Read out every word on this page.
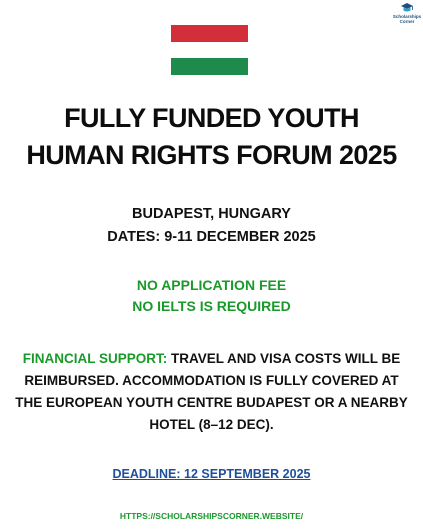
Scholarships
Corner
FULLY FUNDED YOUTH
HUMAN RIGHTS FORUM 2025
BUDAPEST, HUNGARY
DATES: 9-11 DECEMBER 2025
NO APPLICATION FEE
NO IELTS IS REQUIRED
FINANCIAL SUPPORT: TRAVEL AND VISA COSTS WILL BE REIMBURSED. ACCOMMODATION IS FULLY COVERED AT THE EUROPEAN YOUTH CENTRE BUDAPEST OR A NEARBY HOTEL (8–12 DEC).
DEADLINE: 12 SEPTEMBER 2025
HTTPS://SCHOLARSHIPSCORNER.WEBSITE/
